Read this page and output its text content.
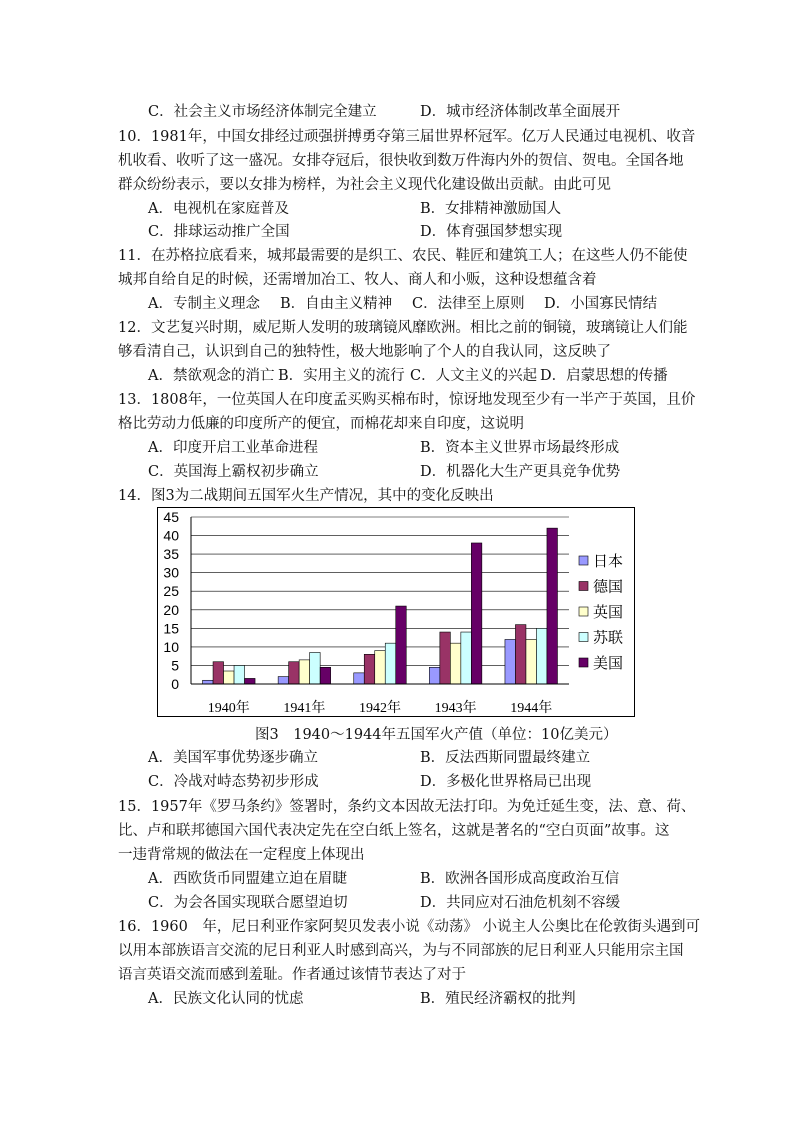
C．社会主义市场经济体制完全建立	D．城市经济体制改革全面展开
10．1981年，中国女排经过顽强拼搏勇夺第三届世界杯冠军。亿万人民通过电视机、收音
机收看、收听了这一盛况。女排夺冠后，很快收到数万件海内外的贺信、贺电。全国各地
群众纷纷表示，要以女排为榜样，为社会主义现代化建设做出贡献。由此可见
A．电视机在家庭普及	B．女排精神激励国人
C．排球运动推广全国	D．体育强国梦想实现
11．在苏格拉底看来，城邦最需要的是织工、农民、鞋匠和建筑工人；在这些人仍不能使
城邦自给自足的时候，还需增加冶工、牧人、商人和小贩，这种设想蕴含着
A．专制主义理念 B．自由主义精神 C．法律至上原则 D．小国寡民情结
12．文艺复兴时期，威尼斯人发明的玻璃镜风靡欧洲。相比之前的铜镜，玻璃镜让人们能
够看清自己，认识到自己的独特性，极大地影响了个人的自我认同，这反映了
A．禁欲观念的消亡 B．实用主义的流行 C．人文主义的兴起 D．启蒙思想的传播
13．1808年，一位英国人在印度孟买购买棉布时，惊讶地发现至少有一半产于英国，且价
格比劳动力低廉的印度所产的便宜，而棉花却来自印度，这说明
A．印度开启工业革命进程	B．资本主义世界市场最终形成
C．英国海上霸权初步确立	D．机器化大生产更具竞争优势
14．图3为二战期间五国军火生产情况，其中的变化反映出
0
5
10
15
20
25
30
35
40
45
1940年 1941年 1942年 1943年 1944年
日本
德国
英国
苏联
美国
图3　1940～1944年五国军火产值（单位：10亿美元）
A．美国军事优势逐步确立	B．反法西斯同盟最终建立
C．冷战对峙态势初步形成	D．多极化世界格局已出现
15．1957年《罗马条约》签署时，条约文本因故无法打印。为免迁延生变，法、意、荷、
比、卢和联邦德国六国代表决定先在空白纸上签名，这就是著名的“空白页面”故事。这
一违背常规的做法在一定程度上体现出
A．西欧货币同盟建立迫在眉睫	B．欧洲各国形成高度政治互信
C．为会各国实现联合愿望迫切	D．共同应对石油危机刻不容缓
16．1960　年，尼日利亚作家阿契贝发表小说《动荡》 小说主人公奥比在伦敦街头遇到可
以用本部族语言交流的尼日利亚人时感到高兴，为与不同部族的尼日利亚人只能用宗主国
语言英语交流而感到羞耻。作者通过该情节表达了对于
A．民族文化认同的忧虑	B．殖民经济霸权的批判
